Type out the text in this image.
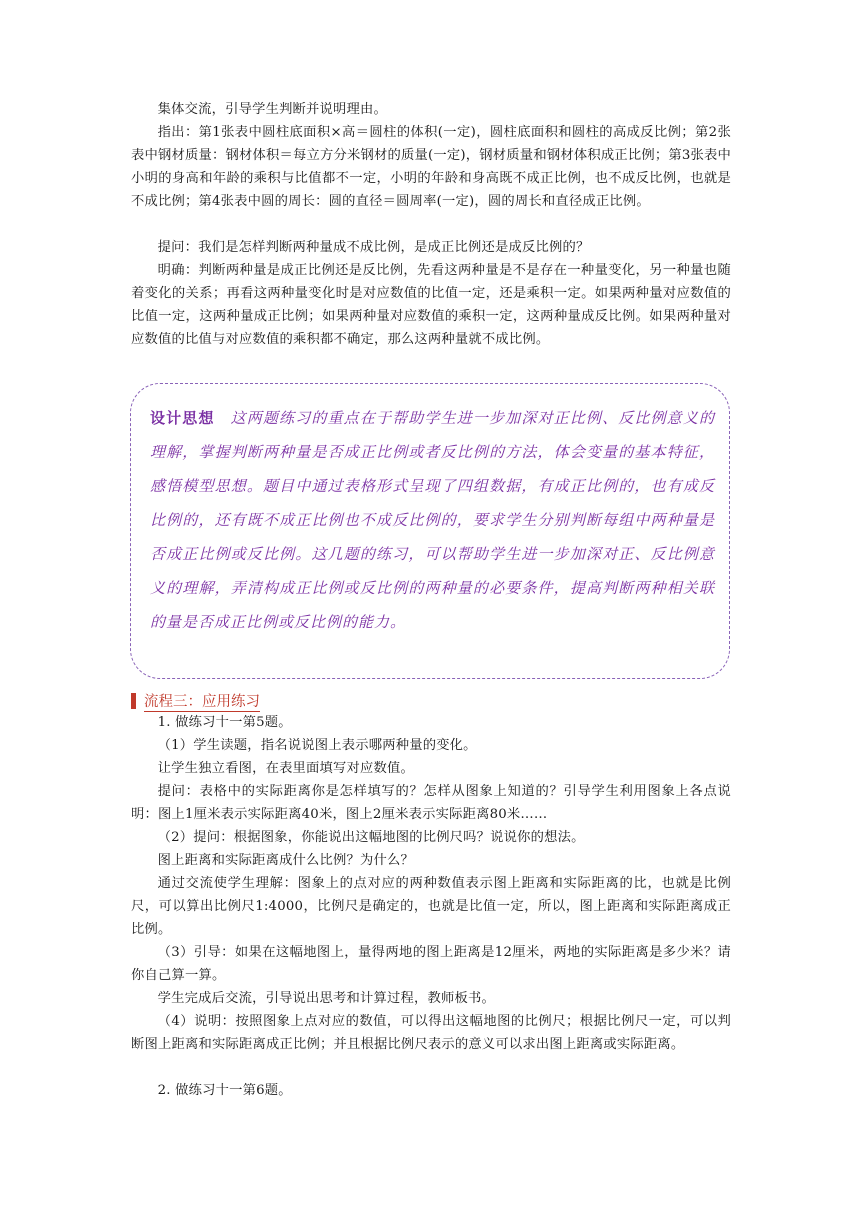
集体交流，引导学生判断并说明理由。

指出：第1张表中圆柱底面积×高＝圆柱的体积(一定)，圆柱底面积和圆柱的高成反比例；第2张表中钢材质量：钢材体积＝每立方分米钢材的质量(一定)，钢材质量和钢材体积成正比例；第3张表中小明的身高和年龄的乘积与比值都不一定，小明的年龄和身高既不成正比例，也不成反比例，也就是不成比例；第4张表中圆的周长：圆的直径＝圆周率(一定)，圆的周长和直径成正比例。

提问：我们是怎样判断两种量成不成比例，是成正比例还是成反比例的？

明确：判断两种量是成正比例还是反比例，先看这两种量是不是存在一种量变化，另一种量也随着变化的关系；再看这两种量变化时是对应数值的比值一定，还是乘积一定。如果两种量对应数值的比值一定，这两种量成正比例；如果两种量对应数值的乘积一定，这两种量成反比例。如果两种量对应数值的比值与对应数值的乘积都不确定，那么这两种量就不成比例。

设计思想 这两题练习的重点在于帮助学生进一步加深对正比例、反比例意义的理解，掌握判断两种量是否成正比例或者反比例的方法，体会变量的基本特征，感悟模型思想。题目中通过表格形式呈现了四组数据，有成正比例的，也有成反比例的，还有既不成正比例也不成反比例的，要求学生分别判断每组中两种量是否成正比例或反比例。这几题的练习，可以帮助学生进一步加深对正、反比例意义的理解，弄清构成正比例或反比例的两种量的必要条件，提高判断两种相关联的量是否成正比例或反比例的能力。
流程三：应用练习

1. 做练习十一第5题。

（1）学生读题，指名说说图上表示哪两种量的变化。

让学生独立看图，在表里面填写对应数值。

提问：表格中的实际距离你是怎样填写的？怎样从图象上知道的？引导学生利用图象上各点说明：图上1厘米表示实际距离40米，图上2厘米表示实际距离80米……

（2）提问：根据图象，你能说出这幅地图的比例尺吗？说说你的想法。

图上距离和实际距离成什么比例？为什么？

通过交流使学生理解：图象上的点对应的两种数值表示图上距离和实际距离的比，也就是比例尺，可以算出比例尺1:4000，比例尺是确定的，也就是比值一定，所以，图上距离和实际距离成正比例。

（3）引导：如果在这幅地图上，量得两地的图上距离是12厘米，两地的实际距离是多少米？请你自己算一算。

学生完成后交流，引导说出思考和计算过程，教师板书。

（4）说明：按照图象上点对应的数值，可以得出这幅地图的比例尺；根据比例尺一定，可以判断图上距离和实际距离成正比例；并且根据比例尺表示的意义可以求出图上距离或实际距离。

2. 做练习十一第6题。
